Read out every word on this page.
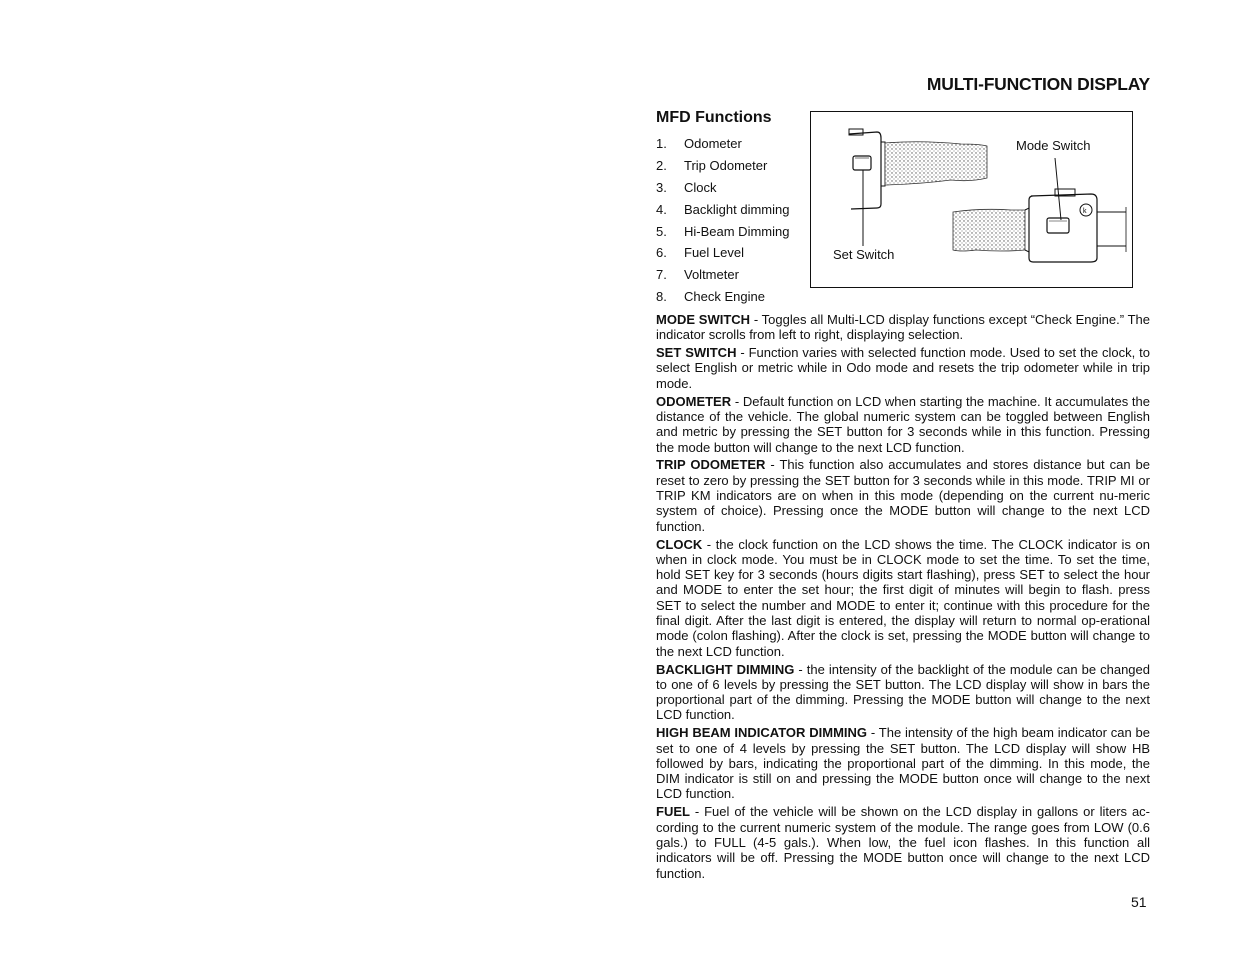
MULTI-FUNCTION DISPLAY
MFD Functions
1. Odometer
2. Trip Odometer
3. Clock
4. Backlight dimming
5. Hi-Beam Dimming
6. Fuel Level
7. Voltmeter
8. Check Engine
k
Mode Switch
Set Switch

MODE SWITCH - Toggles all Multi-LCD display functions except “Check Engine.” The indicator scrolls from left to right, displaying selection.

SET SWITCH - Function varies with selected function mode. Used to set the clock, to select English or metric while in Odo mode and resets the trip odometer while in trip mode.

ODOMETER - Default function on LCD when starting the machine. It accumulates the distance of the vehicle. The global numeric system can be toggled between English and metric by pressing the SET button for 3 seconds while in this function. Pressing the mode button will change to the next LCD function.

TRIP ODOMETER - This function also accumulates and stores distance but can be reset to zero by pressing the SET button for 3 seconds while in this mode. TRIP MI or TRIP KM indicators are on when in this mode (depending on the current nu-meric system of choice). Pressing once the MODE button will change to the next LCD function.

CLOCK - the clock function on the LCD shows the time. The CLOCK indicator is on when in clock mode. You must be in CLOCK mode to set the time. To set the time, hold SET key for 3 seconds (hours digits start flashing), press SET to select the hour and MODE to enter the set hour; the first digit of minutes will begin to flash. press SET to select the number and MODE to enter it; continue with this procedure for the final digit. After the last digit is entered, the display will return to normal op-erational mode (colon flashing). After the clock is set, pressing the MODE button will change to the next LCD function.

BACKLIGHT DIMMING - the intensity of the backlight of the module can be changed to one of 6 levels by pressing the SET button. The LCD display will show in bars the proportional part of the dimming. Pressing the MODE button will change to the next LCD function.

HIGH BEAM INDICATOR DIMMING - The intensity of the high beam indicator can be set to one of 4 levels by pressing the SET button. The LCD display will show HB followed by bars, indicating the proportional part of the dimming. In this mode, the DIM indicator is still on and pressing the MODE button once will change to the next LCD function.

FUEL - Fuel of the vehicle will be shown on the LCD display in gallons or liters ac-cording to the current numeric system of the module. The range goes from LOW (0.6 gals.) to FULL (4-5 gals.). When low, the fuel icon flashes. In this function all indicators will be off. Pressing the MODE button once will change to the next LCD function.

51
